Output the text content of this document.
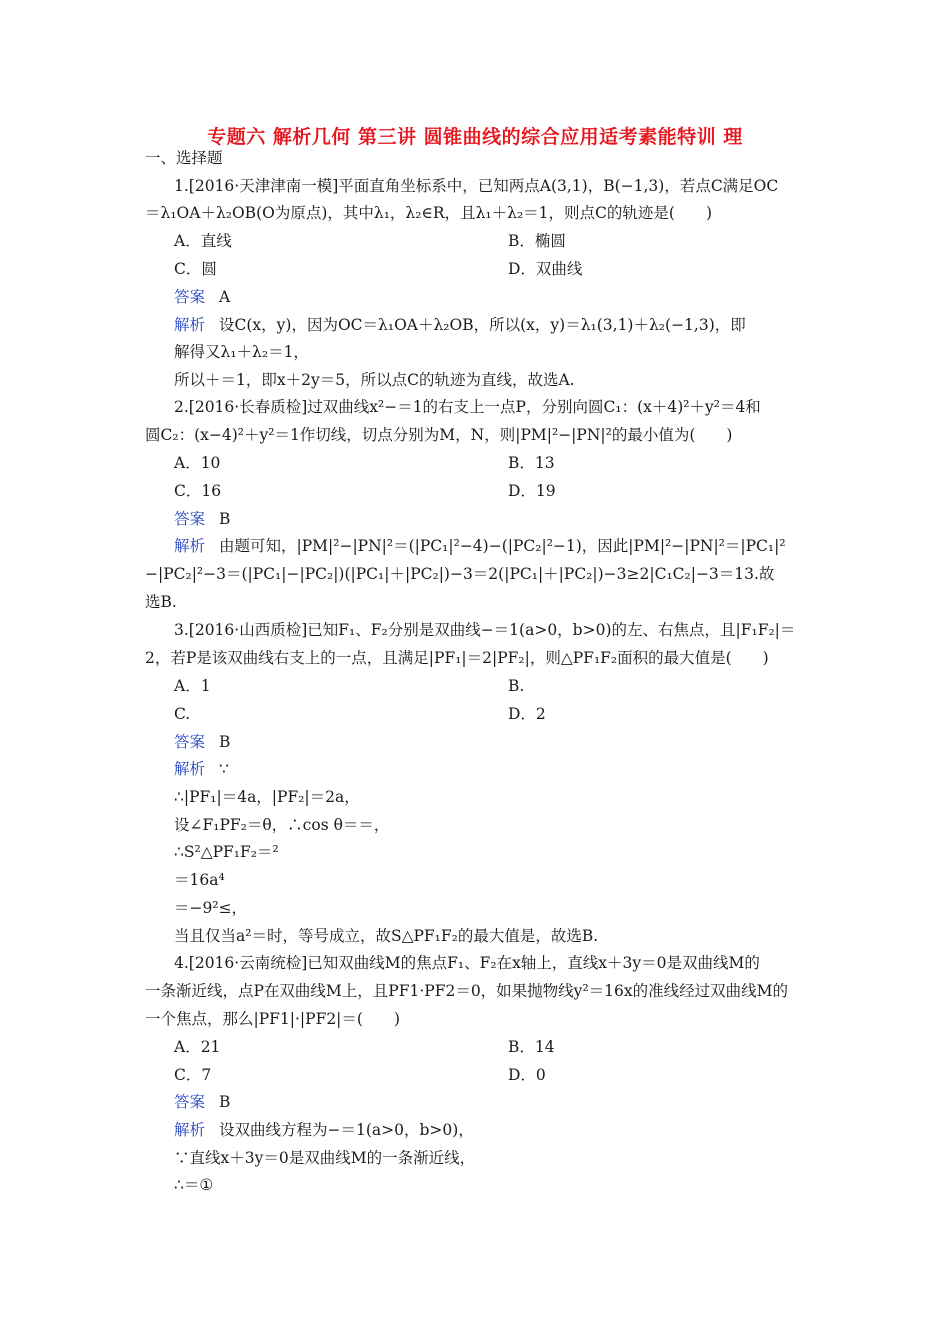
专题六 解析几何 第三讲 圆锥曲线的综合应用适考素能特训 理
一、选择题
1.[2016·天津津南一模]平面直角坐标系中，已知两点A(3,1)，B(−1,3)，若点C满足OC
＝λ₁OA＋λ₂OB(O为原点)，其中λ₁，λ₂∈R，且λ₁＋λ₂＝1，则点C的轨迹是(　　)
A．直线	B．椭圆
C．圆	D．双曲线
答案 A
解析 设C(x，y)，因为OC＝λ₁OA＋λ₂OB，所以(x，y)＝λ₁(3,1)＋λ₂(−1,3)，即
解得又λ₁＋λ₂＝1，
所以＋＝1，即x＋2y＝5，所以点C的轨迹为直线，故选A.
2.[2016·长春质检]过双曲线x²−＝1的右支上一点P，分别向圆C₁：(x＋4)²＋y²＝4和
圆C₂：(x−4)²＋y²＝1作切线，切点分别为M，N，则|PM|²−|PN|²的最小值为(　　)
A．10	B．13
C．16	D．19
答案 B
解析 由题可知，|PM|²−|PN|²＝(|PC₁|²−4)−(|PC₂|²−1)，因此|PM|²−|PN|²＝|PC₁|²
−|PC₂|²−3＝(|PC₁|−|PC₂|)(|PC₁|＋|PC₂|)−3＝2(|PC₁|＋|PC₂|)−3≥2|C₁C₂|−3＝13.故
选B.
3.[2016·山西质检]已知F₁、F₂分别是双曲线−＝1(a>0，b>0)的左、右焦点，且|F₁F₂|＝
2，若P是该双曲线右支上的一点，且满足|PF₁|＝2|PF₂|，则△PF₁F₂面积的最大值是(　　)
A．1	B.
C.	D．2
答案 B
解析 ∵
∴|PF₁|＝4a，|PF₂|＝2a，
设∠F₁PF₂＝θ，∴cos θ＝＝，
∴S²△PF₁F₂＝²
＝16a⁴
＝−9²≤，
当且仅当a²＝时，等号成立，故S△PF₁F₂的最大值是，故选B.
4.[2016·云南统检]已知双曲线M的焦点F₁、F₂在x轴上，直线x＋3y＝0是双曲线M的
一条渐近线，点P在双曲线M上，且PF1·PF2＝0，如果抛物线y²＝16x的准线经过双曲线M的
一个焦点，那么|PF1|·|PF2|＝(　　)
A．21	B．14
C．7	D．0
答案 B
解析 设双曲线方程为−＝1(a>0，b>0)，
∵直线x＋3y＝0是双曲线M的一条渐近线，
∴＝①
